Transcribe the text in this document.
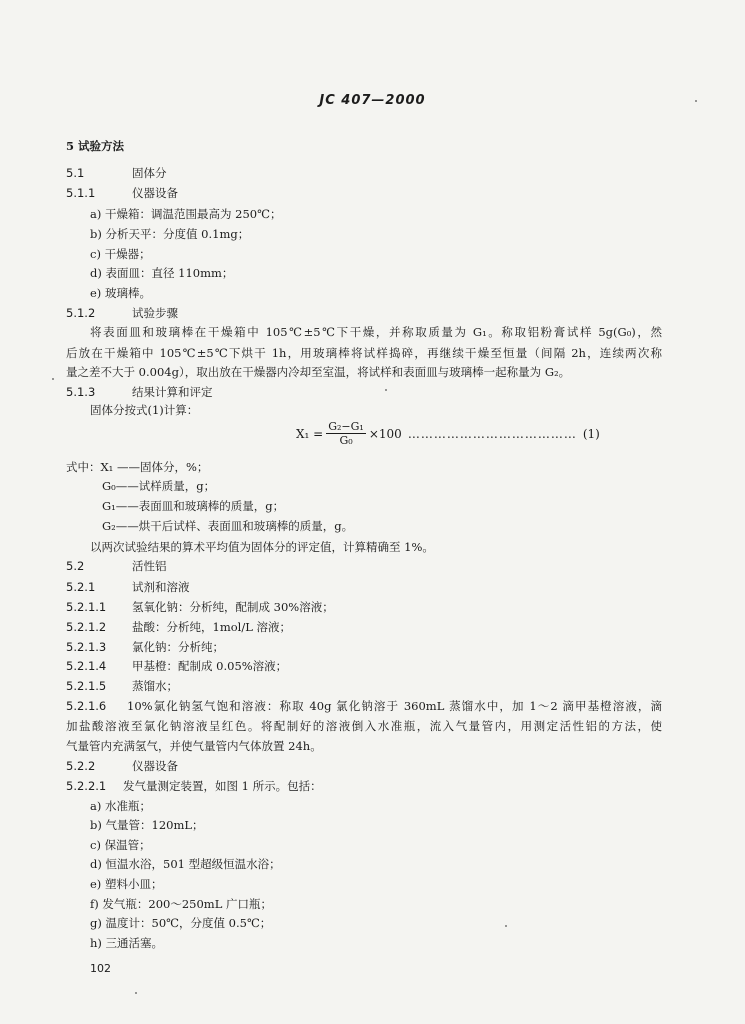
JC 407—2000
5 试验方法
5.1	固体分
5.1.1	仪器设备
a) 干燥箱：调温范围最高为 250℃；
b) 分析天平：分度值 0.1mg；
c) 干燥器；
d) 表面皿：直径 110mm；
e) 玻璃棒。
5.1.2	试验步骤
将表面皿和玻璃棒在干燥箱中 105℃±5℃下干燥，并称取质量为 G₁。称取铝粉膏试样 5g(G₀)，然
后放在干燥箱中 105℃±5℃下烘干 1h，用玻璃棒将试样捣碎，再继续干燥至恒量（间隔 2h，连续两次称
量之差不大于 0.004g），取出放在干燥器内冷却至室温，将试样和表面皿与玻璃棒一起称量为 G₂。
5.1.3	结果计算和评定
固体分按式(1)计算：
$X_1 = \frac{\text{G₂−G₁}}{\text{G₀}} \times 100$ ………………………………… (1)
式中：X₁ ——固体分，%；
G₀——试样质量，g；
G₁——表面皿和玻璃棒的质量，g；
G₂——烘干后试样、表面皿和玻璃棒的质量，g。
以两次试验结果的算术平均值为固体分的评定值，计算精确至 1%。
5.2	活性铝
5.2.1	试剂和溶液
5.2.1.1 氢氧化钠：分析纯，配制成 30%溶液；
5.2.1.2 盐酸：分析纯，1mol/L 溶液；
5.2.1.3 氯化钠：分析纯；
5.2.1.4 甲基橙：配制成 0.05%溶液；
5.2.1.5 蒸馏水；
5.2.1.6 10%氯化钠氢气饱和溶液：称取 40g 氯化钠溶于 360mL 蒸馏水中，加 1～2 滴甲基橙溶液，滴
加盐酸溶液至氯化钠溶液呈红色。将配制好的溶液倒入水准瓶，流入气量管内，用测定活性铝的方法，使
气量管内充满氢气，并使气量管内气体放置 24h。
5.2.2	仪器设备
5.2.2.1 发气量测定装置，如图 1 所示。包括：
a) 水准瓶；
b) 气量管：120mL；
c) 保温管；
d) 恒温水浴，501 型超级恒温水浴；
e) 塑料小皿；
f) 发气瓶：200～250mL 广口瓶；
g) 温度计：50℃，分度值 0.5℃；
h) 三通活塞。
102
